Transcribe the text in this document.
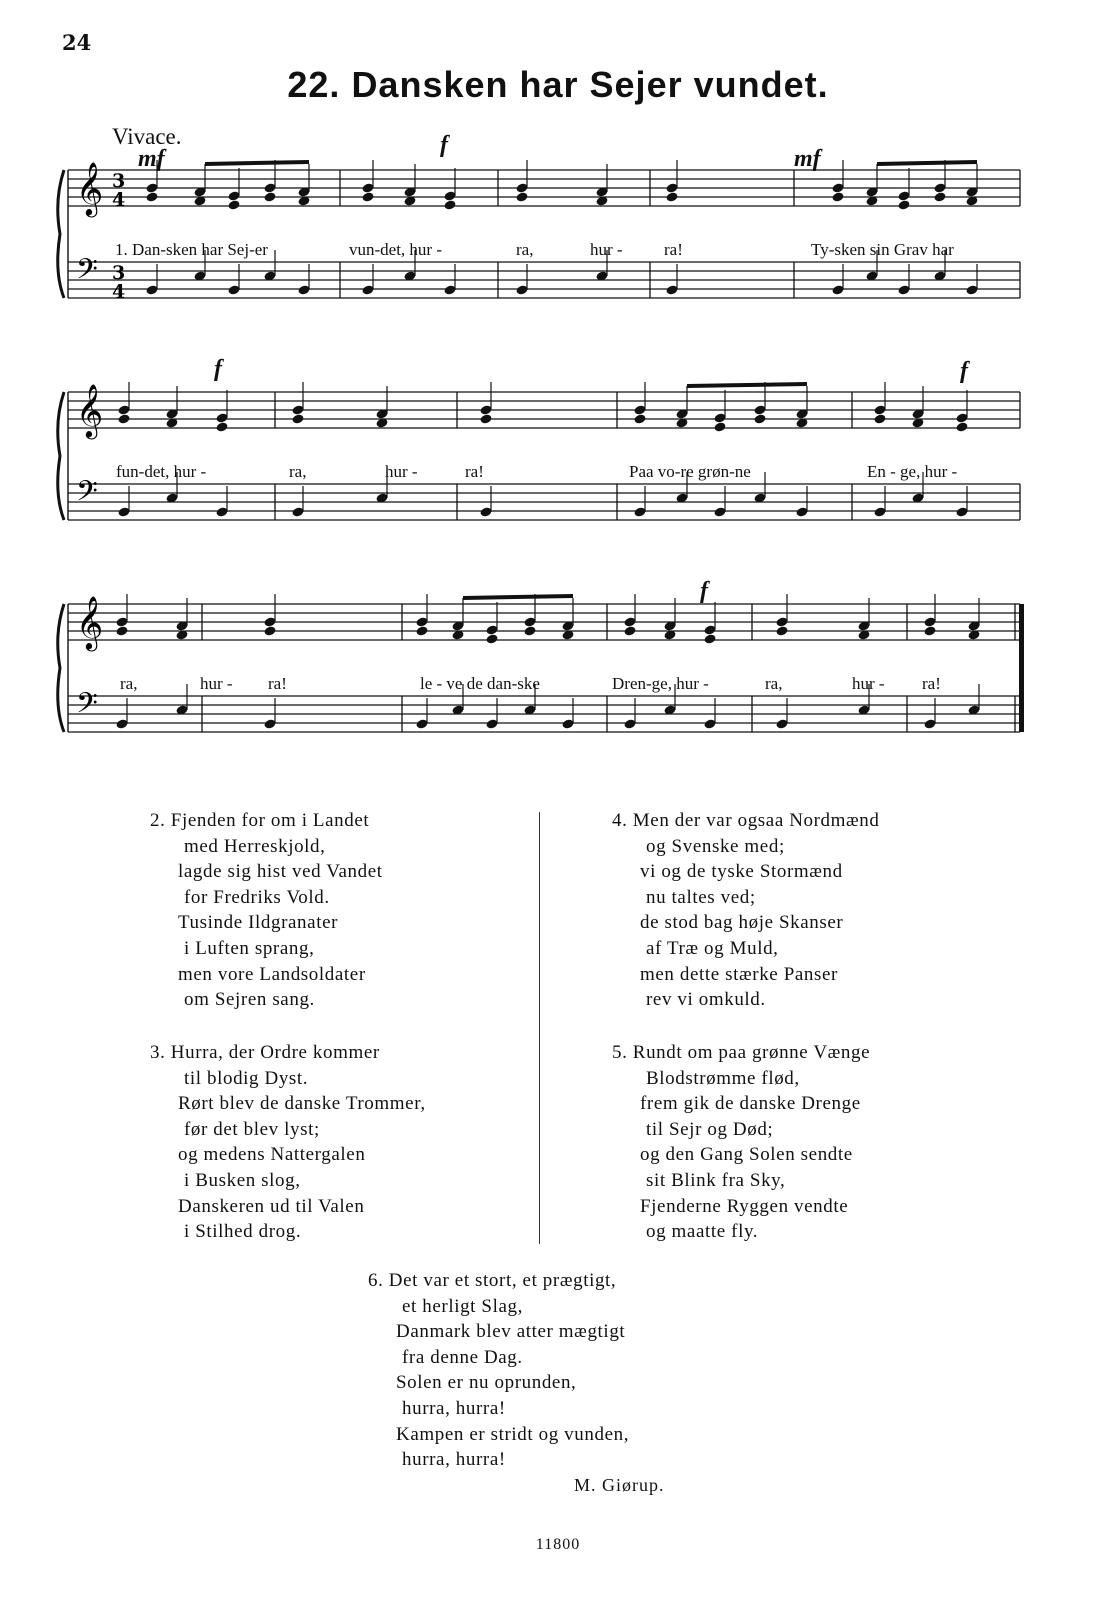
24
22. Dansken har Sejer vundet.
Vivace.
𝄞 3
4
𝄢 3
4
mf
f
mf
1. Dan-sken har Sej-er	vun-det, hur -	ra,	hur - ra!	Ty-sken sin Grav har
𝄞
𝄢
f	f
fun-det, hur -	ra,	hur -	ra!	Paa vo-re grøn-ne	En - ge, hur -
𝄞
𝄢
f
ra,	hur - ra!	le - ve de dan-ske	Dren-ge, hur -	ra,	hur - ra!
2. Fjenden for om i Landet
med Herreskjold,
lagde sig hist ved Vandet
for Fredriks Vold.
Tusinde Ildgranater
i Luften sprang,
men vore Landsoldater
om Sejren sang.
3. Hurra, der Ordre kommer
til blodig Dyst.
Rørt blev de danske Trommer,
før det blev lyst;
og medens Nattergalen
i Busken slog,
Danskeren ud til Valen
i Stilhed drog.
4. Men der var ogsaa Nordmænd
og Svenske med;
vi og de tyske Stormænd
nu taltes ved;
de stod bag høje Skanser
af Træ og Muld,
men dette stærke Panser
rev vi omkuld.
5. Rundt om paa grønne Vænge
Blodstrømme flød,
frem gik de danske Drenge
til Sejr og Død;
og den Gang Solen sendte
sit Blink fra Sky,
Fjenderne Ryggen vendte
og maatte fly.
6. Det var et stort, et prægtigt,
et herligt Slag,
Danmark blev atter mægtigt
fra denne Dag.
Solen er nu oprunden,
hurra, hurra!
Kampen er stridt og vunden,
hurra, hurra!
M. Giørup.
11800
